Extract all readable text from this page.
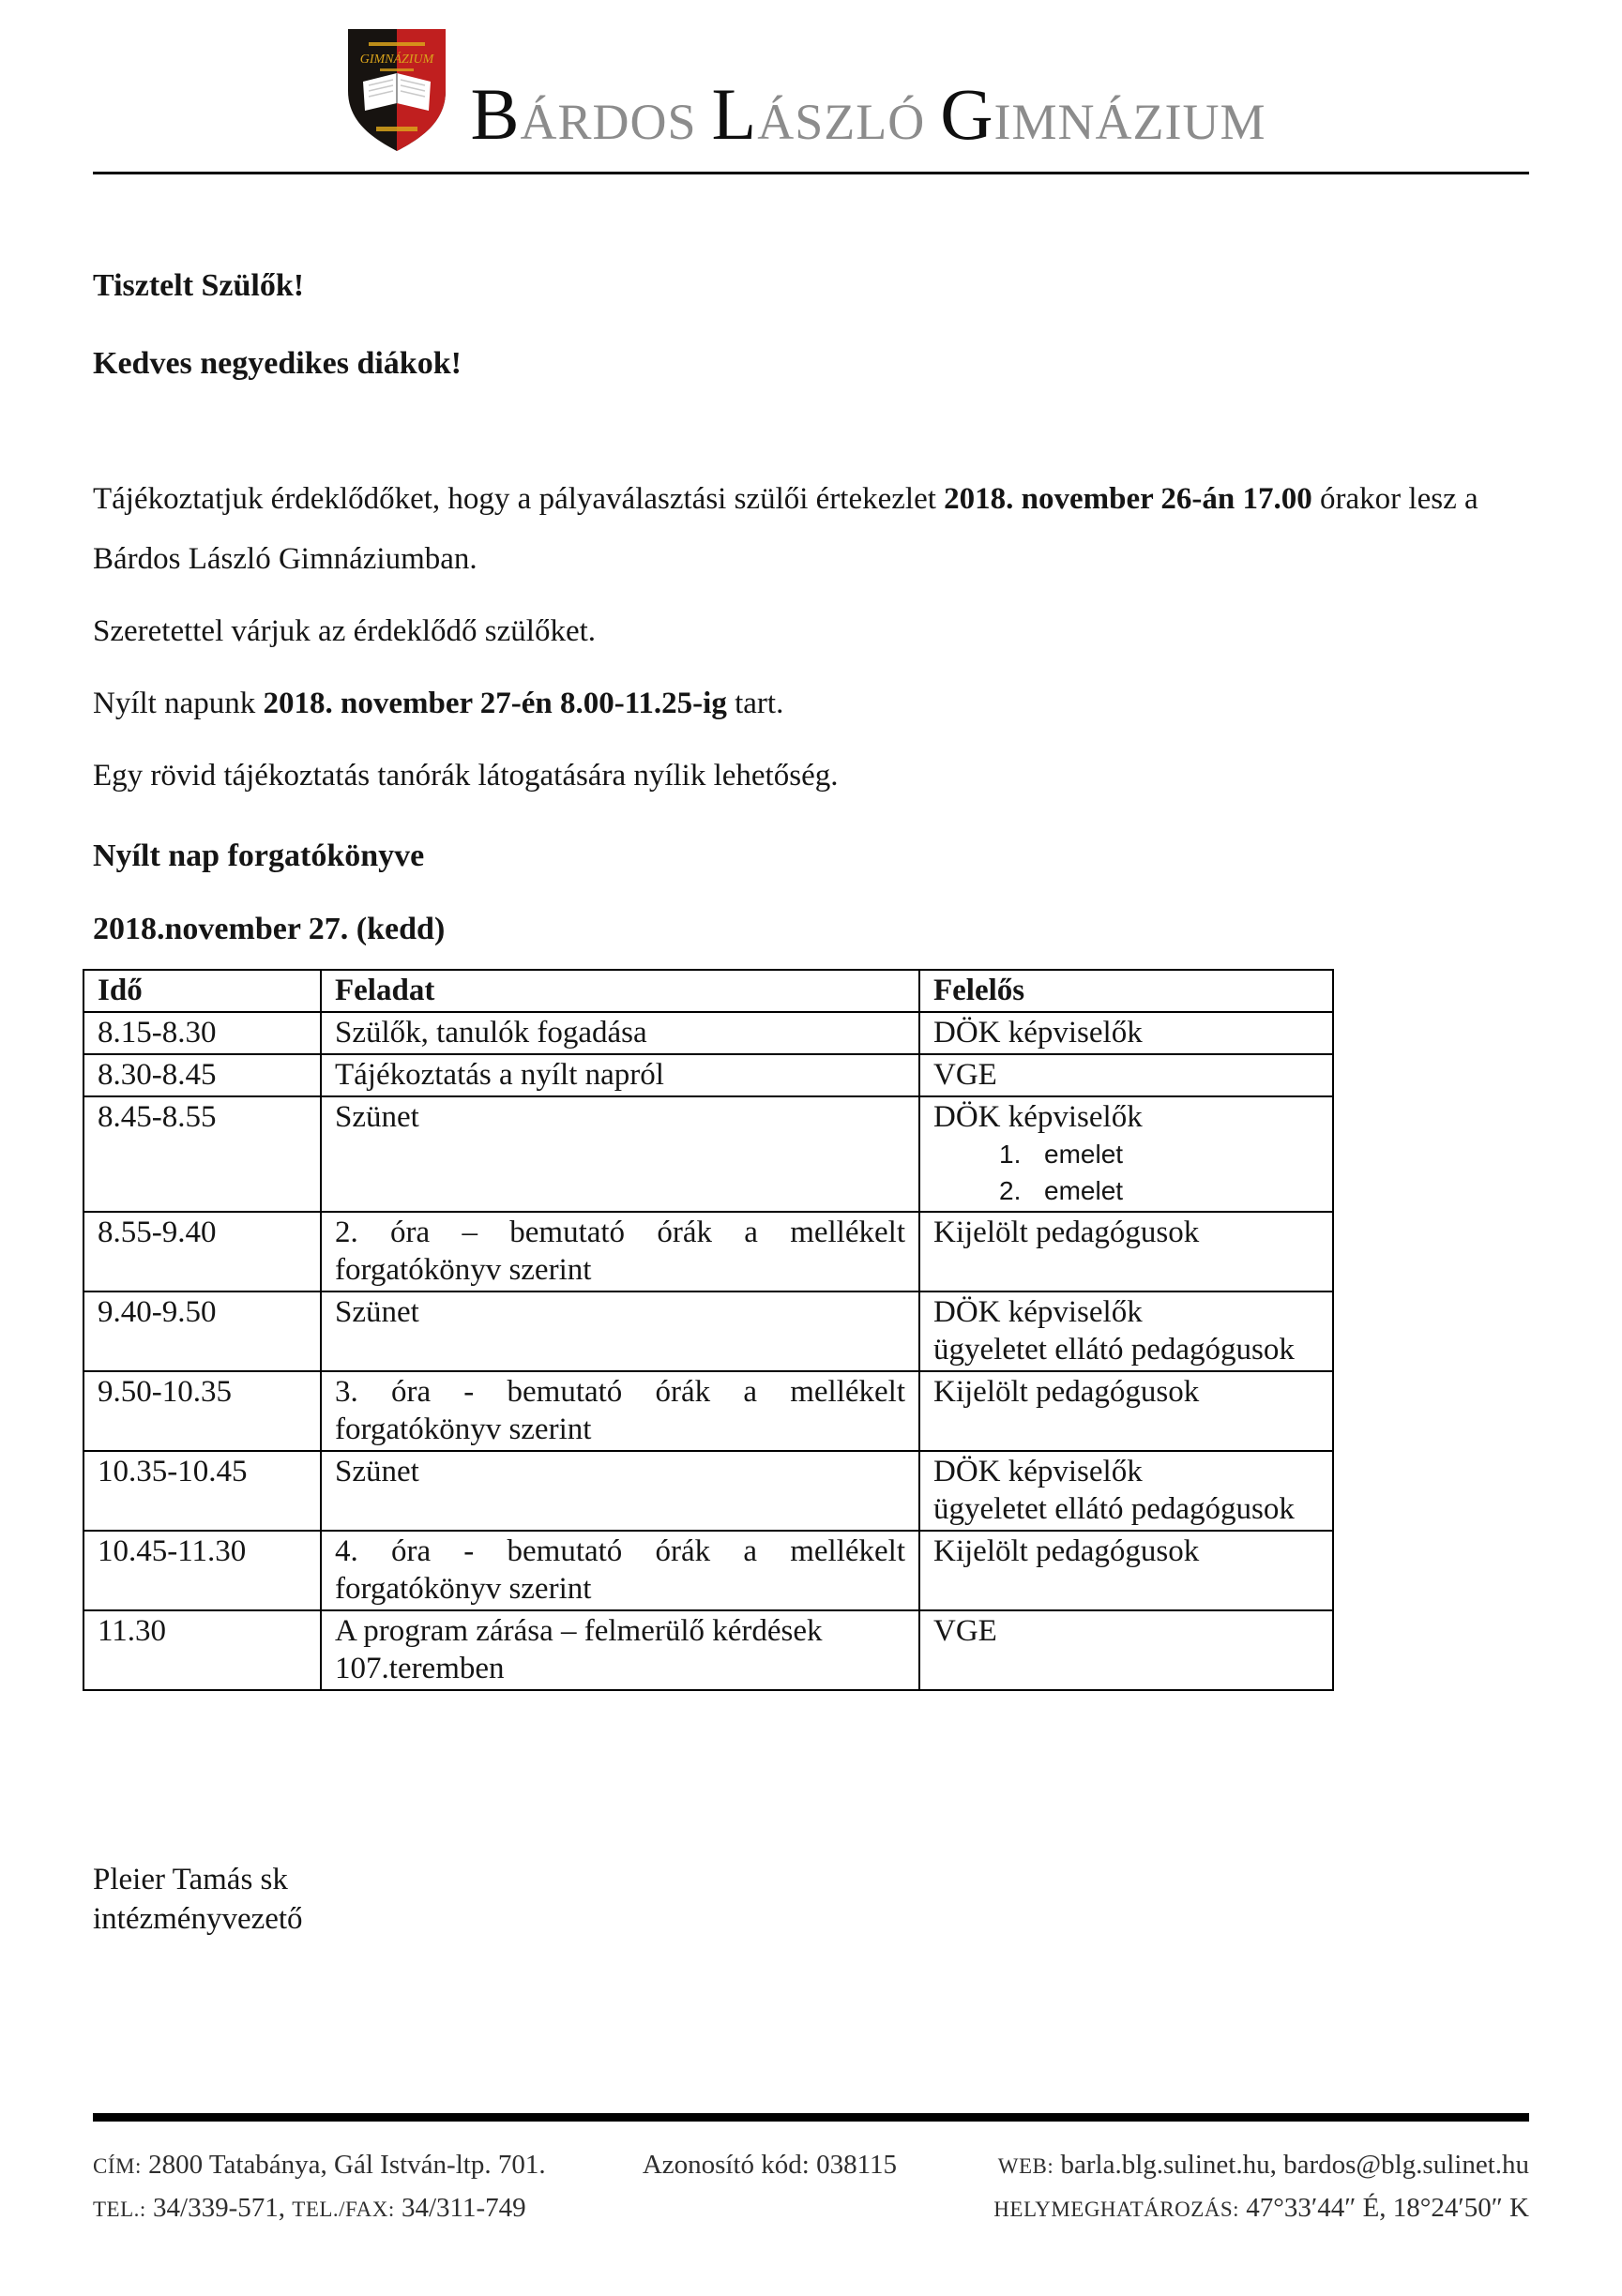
GIMNÁZIUM
BÁRDOS LÁSZLÓ GIMNÁZIUM
Tisztelt Szülők!
Kedves negyedikes diákok!

Tájékoztatjuk érdeklődőket, hogy a pályaválasztási szülői értekezlet 2018. november 26-án 17.00 órakor lesz a Bárdos László Gimnáziumban.

Szeretettel várjuk az érdeklődő szülőket.

Nyílt napunk 2018. november 27-én 8.00-11.25-ig tart.

Egy rövid tájékoztatás tanórák látogatására nyílik lehetőség.

Nyílt nap forgatókönyve
2018.november 27. (kedd)
Idő	Feladat	Felelős
8.15-8.30	Szülők, tanulók fogadása	DÖK képviselők
8.30-8.45	Tájékoztatás a nyílt napról	VGE
8.45-8.55	Szünet	DÖK képviselők
1. emelet
2. emelet

8.55-9.40	2. óra – bemutató órák a mellékelt forgatókönyv szerint	Kijelölt pedagógusok
9.40-9.50	Szünet	DÖK képviselők
ügyeletet ellátó pedagógusok

9.50-10.35	3. óra - bemutató órák a mellékelt forgatókönyv szerint	Kijelölt pedagógusok
10.35-10.45	Szünet	DÖK képviselők
ügyeletet ellátó pedagógusok

10.45-11.30	4. óra - bemutató órák a mellékelt forgatókönyv szerint	Kijelölt pedagógusok
11.30	A program zárása – felmerülő kérdések 107.teremben	VGE
Pleier Tamás sk
intézményvezető
CÍM: 2800 Tatabánya, Gál István-ltp. 701.
TEL.: 34/339-571, TEL./FAX: 34/311-749
Azonosító kód: 038115	WEB: barla.blg.sulinet.hu, bardos@blg.sulinet.hu
HELYMEGHATÁROZÁS: 47°33′44″ É, 18°24′50″ K
